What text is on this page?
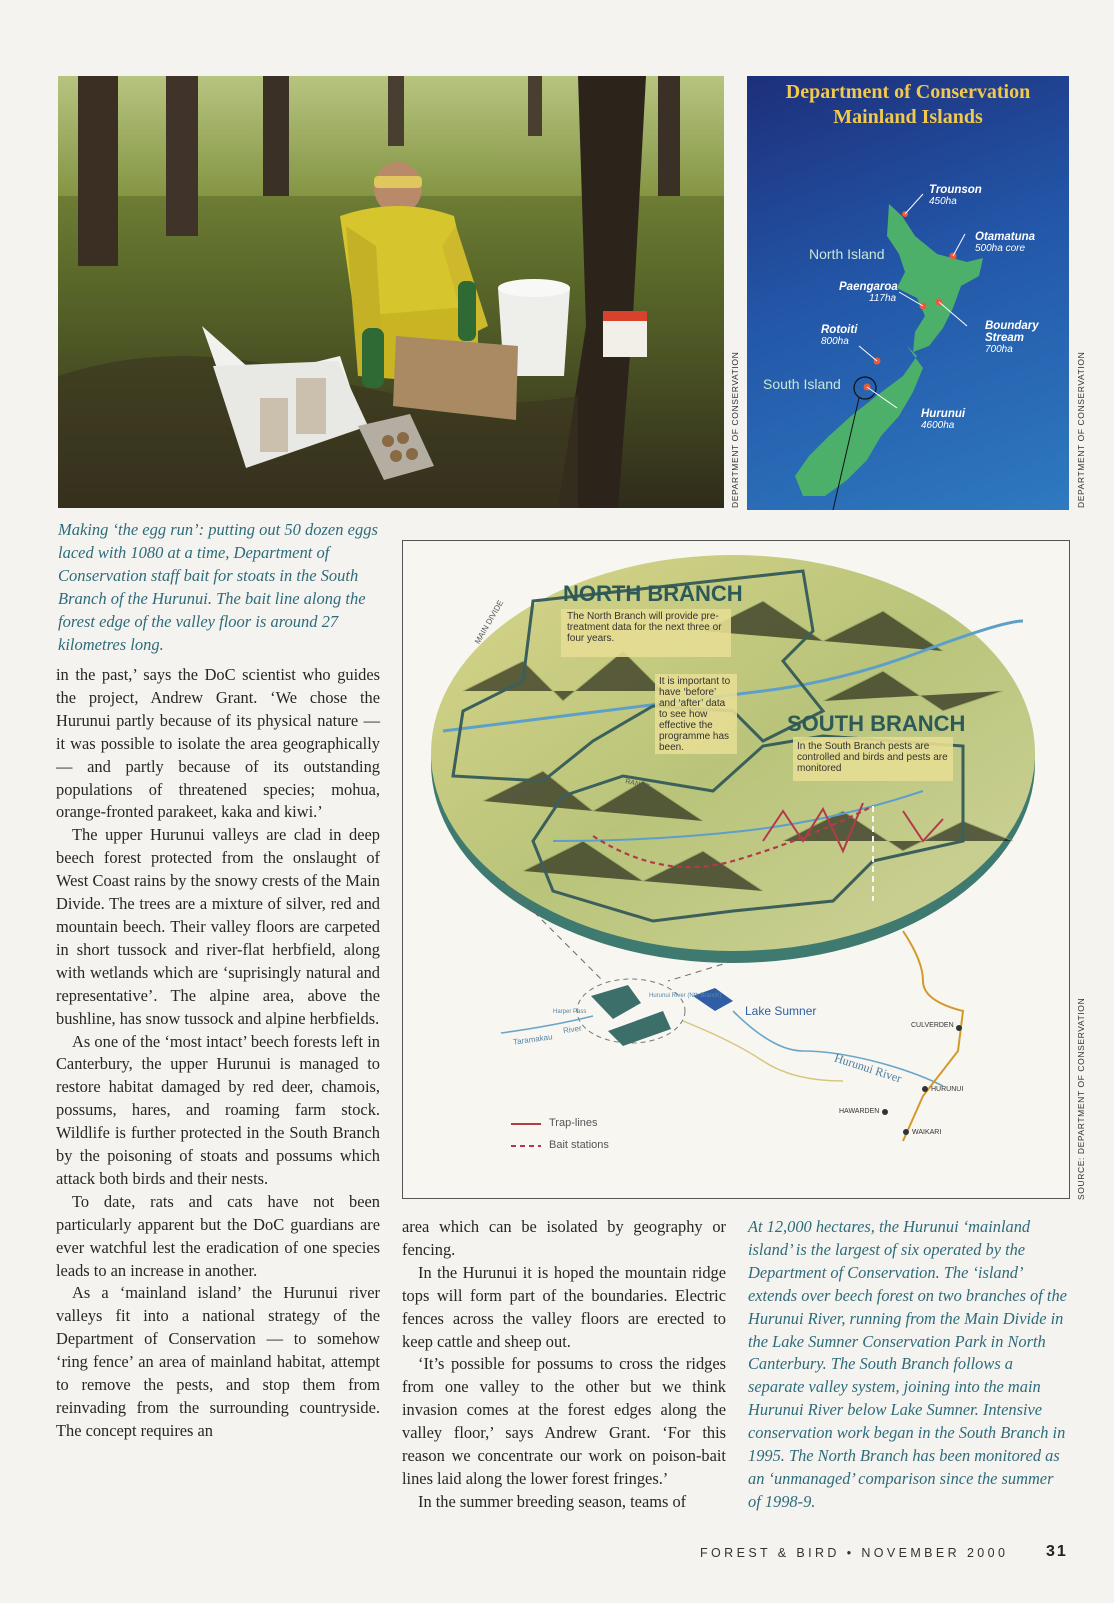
DEPARTMENT OF CONSERVATION
Department of Conservation
Mainland Islands
North Island
South Island
Trounson
450ha
Otamatuna
500ha core
Paengaroa
117ha
Boundary Stream
700ha
Rotoiti
800ha
Hurunui
4600ha	DEPARTMENT OF CONSERVATION
Making ‘the egg run’: putting out 50 dozen eggs laced with 1080 at a time, Department of Conservation staff bait for stoats in the South Branch of the Hurunui. The bait line along the forest edge of the valley floor is around 27 kilometres long.
NORTH BRANCH
The North Branch will provide pre-treatment data for the next three or four years.
It is important to have ‘before’ and ‘after’ data to see how effective the programme has been.
SOUTH BRANCH
In the South Branch pests are controlled and birds and pests are monitored
MAIN DIVIDE
CRAWFORD
RANGE
Lake Sumner
Hurunui River (Nth Branch)
Harper Pass
Taramakau
River
Hurunui River
CULVERDEN
HURUNUI
HAWARDEN
WAIKARI
Trap-lines
Bait stations	SOURCE: DEPARTMENT OF CONSERVATION

in the past,’ says the DoC scientist who guides the project, Andrew Grant. ‘We chose the Hurunui partly because of its physical nature — it was possible to isolate the area geographically — and partly because of its outstanding populations of threatened species; mohua, orange-fronted parakeet, kaka and kiwi.’

The upper Hurunui valleys are clad in deep beech forest protected from the onslaught of West Coast rains by the snowy crests of the Main Divide. The trees are a mixture of silver, red and mountain beech. Their valley floors are carpeted in short tussock and river-flat herbfield, along with wetlands which are ‘suprisingly natural and representative’. The alpine area, above the bushline, has snow tussock and alpine herbfields.

As one of the ‘most intact’ beech forests left in Canterbury, the upper Hurunui is managed to restore habitat damaged by red deer, chamois, possums, hares, and roaming farm stock. Wildlife is further protected in the South Branch by the poisoning of stoats and possums which attack both birds and their nests.

To date, rats and cats have not been particularly apparent but the DoC guardians are ever watchful lest the eradication of one species leads to an increase in another.

As a ‘mainland island’ the Hurunui river valleys fit into a national strategy of the Department of Conservation — to somehow ‘ring fence’ an area of mainland habitat, attempt to remove the pests, and stop them from reinvading from the surrounding countryside. The concept requires an

area which can be isolated by geography or fencing.

In the Hurunui it is hoped the mountain ridge tops will form part of the boundaries. Electric fences across the valley floors are erected to keep cattle and sheep out.

‘It’s possible for possums to cross the ridges from one valley to the other but we think invasion comes at the forest edges along the valley floor,’ says Andrew Grant. ‘For this reason we concentrate our work on poison-bait lines laid along the lower forest fringes.’

In the summer breeding season, teams of

At 12,000 hectares, the Hurunui ‘mainland island’ is the largest of six operated by the Department of Conservation. The ‘island’ extends over beech forest on two branches of the Hurunui River, running from the Main Divide in the Lake Sumner Conservation Park in North Canterbury. The South Branch follows a separate valley system, joining into the main Hurunui River below Lake Sumner. Intensive conservation work began in the South Branch in 1995. The North Branch has been monitored as an ‘unmanaged’ comparison since the summer of 1998-9.

FOREST & BIRD • NOVEMBER 2000 31
